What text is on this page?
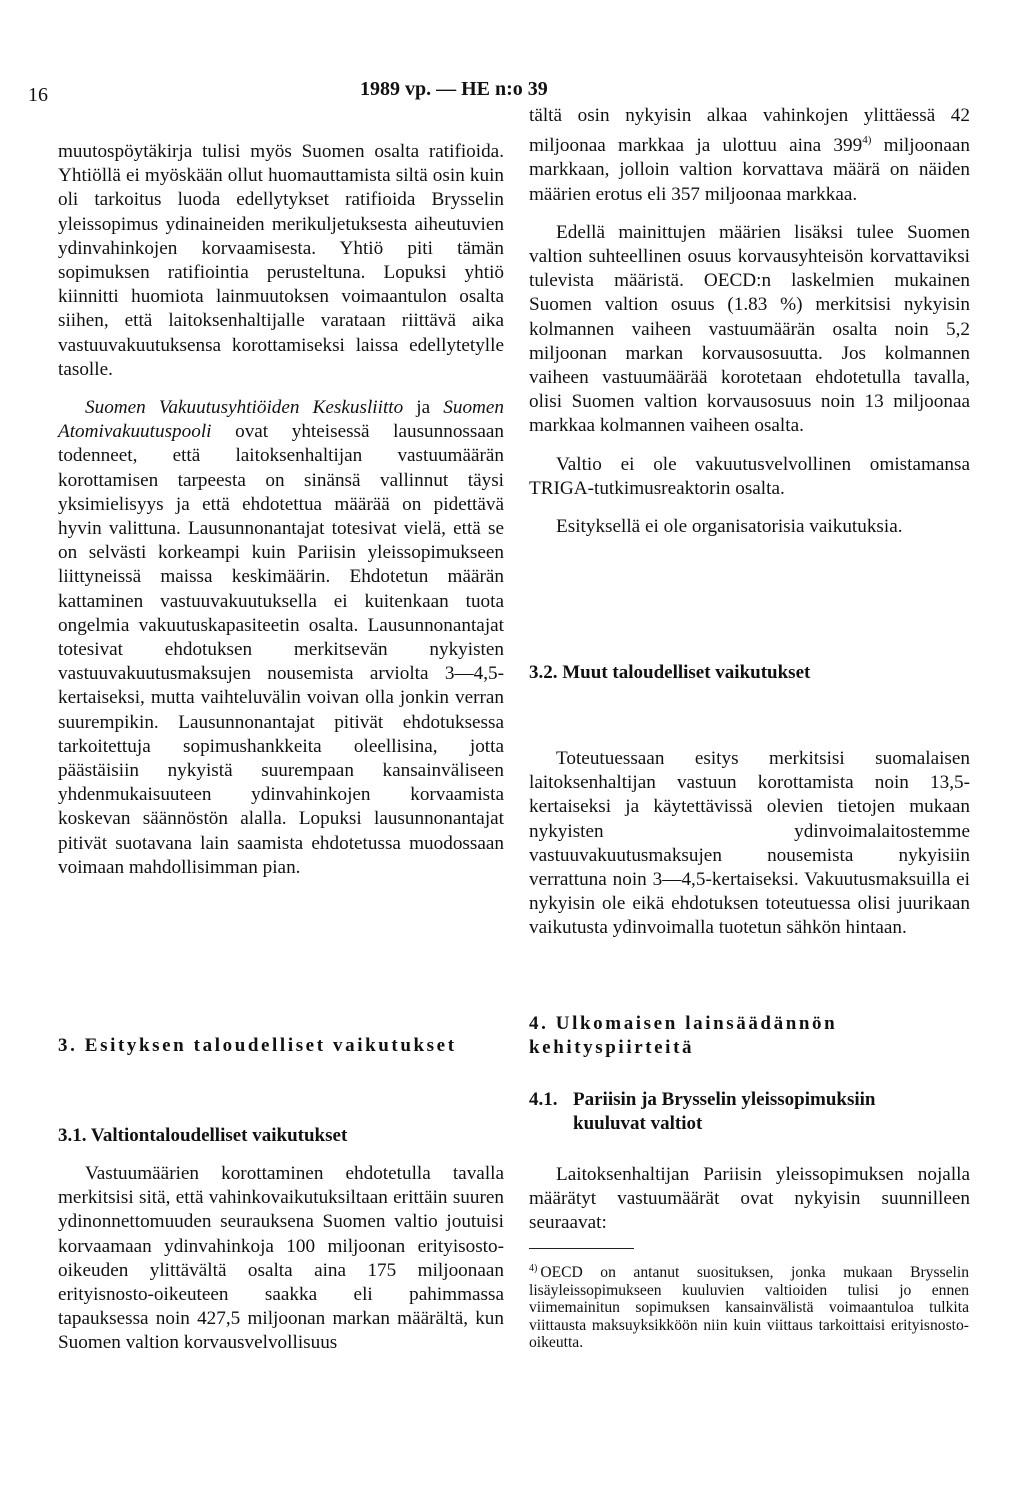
16	1989 vp. — HE n:o 39

muutospöytäkirja tulisi myös Suomen osalta ratifioida. Yhtiöllä ei myöskään ollut huomauttamista siltä osin kuin oli tarkoitus luoda edellytykset ratifioida Brysselin yleissopimus ydinaineiden merikuljetuksesta aiheutuvien ydinvahinkojen korvaamisesta. Yhtiö piti tämän sopimuksen ratifiointia perusteltuna. Lopuksi yhtiö kiinnitti huomiota lainmuutoksen voimaantulon osalta siihen, että laitoksenhaltijalle varataan riittävä aika vastuuvakuutuksensa korottamiseksi laissa edellytetylle tasolle.

Suomen Vakuutusyhtiöiden Keskusliitto ja Suomen Atomivakuutuspooli ovat yhteisessä lausunnossaan todenneet, että laitoksenhaltijan vastuumäärän korottamisen tarpeesta on sinänsä vallinnut täysi yksimielisyys ja että ehdotettua määrää on pidettävä hyvin valittuna. Lausunnonantajat totesivat vielä, että se on selvästi korkeampi kuin Pariisin yleissopimukseen liittyneissä maissa keskimäärin. Ehdotetun määrän kattaminen vastuuvakuutuksella ei kuitenkaan tuota ongelmia vakuutuskapasiteetin osalta. Lausunnonantajat totesivat ehdotuksen merkitsevän nykyisten vastuuvakuutusmaksujen nousemista arviolta 3—4,5-kertaiseksi, mutta vaihteluvälin voivan olla jonkin verran suurempikin. Lausunnonantajat pitivät ehdotuksessa tarkoitettuja sopimushankkeita oleellisina, jotta päästäisiin nykyistä suurempaan kansainväliseen yhdenmukaisuuteen ydinvahinkojen korvaamista koskevan säännöstön alalla. Lopuksi lausunnonantajat pitivät suotavana lain saamista ehdotetussa muodossaan voimaan mahdollisimman pian.

3. Esityksen taloudelliset vaikutukset
3.1. Valtiontaloudelliset vaikutukset
Vastuumäärien korottaminen ehdotetulla tavalla merkitsisi sitä, että vahinkovaikutuksiltaan erittäin suuren ydinonnettomuuden seurauksena Suomen valtio joutuisi korvaamaan ydinvahinkoja 100 miljoonan erityisosto-oikeuden ylittävältä osalta aina 175 miljoonaan erityisnosto-oikeuteen saakka eli pahimmassa tapauksessa noin 427,5 miljoonan markan määrältä, kun Suomen valtion korvausvelvollisuus

tältä osin nykyisin alkaa vahinkojen ylittäessä 42 miljoonaa markkaa ja ulottuu aina 399$^{4)}$ miljoonaan markkaan, jolloin valtion korvattava määrä on näiden määrien erotus eli 357 miljoonaa markkaa.

Edellä mainittujen määrien lisäksi tulee Suomen valtion suhteellinen osuus korvausyhteisön korvattaviksi tulevista määristä. OECD:n laskelmien mukainen Suomen valtion osuus (1.83 %) merkitsisi nykyisin kolmannen vaiheen vastuumäärän osalta noin 5,2 miljoonan markan korvausosuutta. Jos kolmannen vaiheen vastuumäärää korotetaan ehdotetulla tavalla, olisi Suomen valtion korvausosuus noin 13 miljoonaa markkaa kolmannen vaiheen osalta.

Valtio ei ole vakuutusvelvollinen omistamansa TRIGA-tutkimusreaktorin osalta.

Esityksellä ei ole organisatorisia vaikutuksia.

3.2. Muut taloudelliset vaikutukset
Toteutuessaan esitys merkitsisi suomalaisen laitoksenhaltijan vastuun korottamista noin 13,5-kertaiseksi ja käytettävissä olevien tietojen mukaan nykyisten ydinvoimalaitostemme vastuuvakuutusmaksujen nousemista nykyisiin verrattuna noin 3—4,5-kertaiseksi. Vakuutusmaksuilla ei nykyisin ole eikä ehdotuksen toteutuessa olisi juurikaan vaikutusta ydinvoimalla tuotetun sähkön hintaan.
4. Ulkomaisen lainsäädännön kehityspiirteitä
4.1. Pariisin ja Brysselin yleissopimuksiin
kuuluvat valtiot
Laitoksenhaltijan Pariisin yleissopimuksen nojalla määrätyt vastuumäärät ovat nykyisin suunnilleen seuraavat:
$^{4)}$ OECD on antanut suosituksen, jonka mukaan Brysselin lisäyleissopimukseen kuuluvien valtioiden tulisi jo ennen viimemainitun sopimuksen kansainvälistä voimaantuloa tulkita viittausta maksuyksikköön niin kuin viittaus tarkoittaisi erityisnosto-oikeutta.
